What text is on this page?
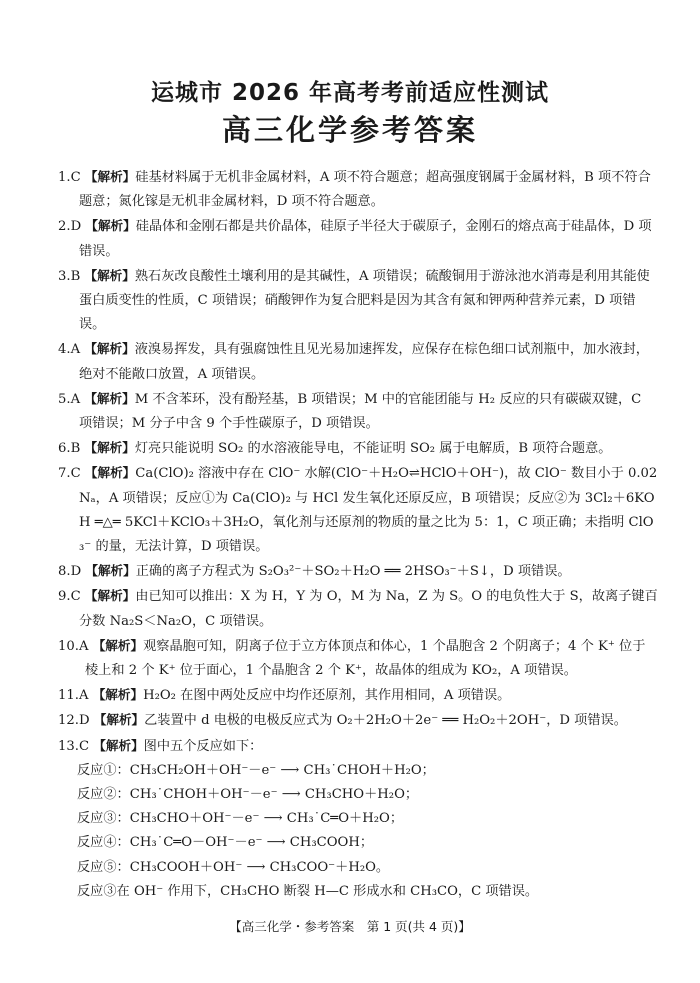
运城市 2026 年高考考前适应性测试
高三化学参考答案

1.C 【解析】硅基材料属于无机非金属材料，A 项不符合题意；超高强度钢属于金属材料，B 项不符合题意；氮化镓是无机非金属材料，D 项不符合题意。

2.D 【解析】硅晶体和金刚石都是共价晶体，硅原子半径大于碳原子，金刚石的熔点高于硅晶体，D 项错误。

3.B 【解析】熟石灰改良酸性土壤利用的是其碱性，A 项错误；硫酸铜用于游泳池水消毒是利用其能使蛋白质变性的性质，C 项错误；硝酸钾作为复合肥料是因为其含有氮和钾两种营养元素，D 项错误。

4.A 【解析】液溴易挥发，具有强腐蚀性且见光易加速挥发，应保存在棕色细口试剂瓶中，加水液封，绝对不能敞口放置，A 项错误。

5.A 【解析】M 不含苯环，没有酚羟基，B 项错误；M 中的官能团能与 H₂ 反应的只有碳碳双键，C 项错误；M 分子中含 9 个手性碳原子，D 项错误。

6.B 【解析】灯亮只能说明 SO₂ 的水溶液能导电，不能证明 SO₂ 属于电解质，B 项符合题意。

7.C 【解析】Ca(ClO)₂ 溶液中存在 ClO⁻ 水解(ClO⁻＋H₂O⇌HClO＋OH⁻)，故 ClO⁻ 数目小于 0.02Nₐ，A 项错误；反应①为 Ca(ClO)₂ 与 HCl 发生氧化还原反应，B 项错误；反应②为 3Cl₂＋6KOH ═△═ 5KCl＋KClO₃＋3H₂O，氧化剂与还原剂的物质的量之比为 5：1，C 项正确；未指明 ClO₃⁻ 的量，无法计算，D 项错误。

8.D 【解析】正确的离子方程式为 S₂O₃²⁻＋SO₂＋H₂O ══ 2HSO₃⁻＋S↓，D 项错误。

9.C 【解析】由已知可以推出：X 为 H，Y 为 O，M 为 Na，Z 为 S。O 的电负性大于 S，故离子键百分数 Na₂S＜Na₂O，C 项错误。

10.A 【解析】观察晶胞可知，阴离子位于立方体顶点和体心，1 个晶胞含 2 个阴离子；4 个 K⁺ 位于棱上和 2 个 K⁺ 位于面心，1 个晶胞含 2 个 K⁺，故晶体的组成为 KO₂，A 项错误。

11.A 【解析】H₂O₂ 在图中两处反应中均作还原剂，其作用相同，A 项错误。

12.D 【解析】乙装置中 d 电极的电极反应式为 O₂＋2H₂O＋2e⁻ ══ H₂O₂＋2OH⁻，D 项错误。

13.C 【解析】图中五个反应如下：

反应①：CH₃CH₂OH＋OH⁻－e⁻ ⟶ CH₃˙CHOH＋H₂O；

反应②：CH₃˙CHOH＋OH⁻－e⁻ ⟶ CH₃CHO＋H₂O；

反应③：CH₃CHO＋OH⁻－e⁻ ⟶ CH₃˙C═O＋H₂O；

反应④：CH₃˙C═O－OH⁻－e⁻ ⟶ CH₃COOH；

反应⑤：CH₃COOH＋OH⁻ ⟶ CH₃COO⁻＋H₂O。

反应③在 OH⁻ 作用下，CH₃CHO 断裂 H—C 形成水和 CH₃CO，C 项错误。

【高三化学・参考答案　第 1 页(共 4 页)】
